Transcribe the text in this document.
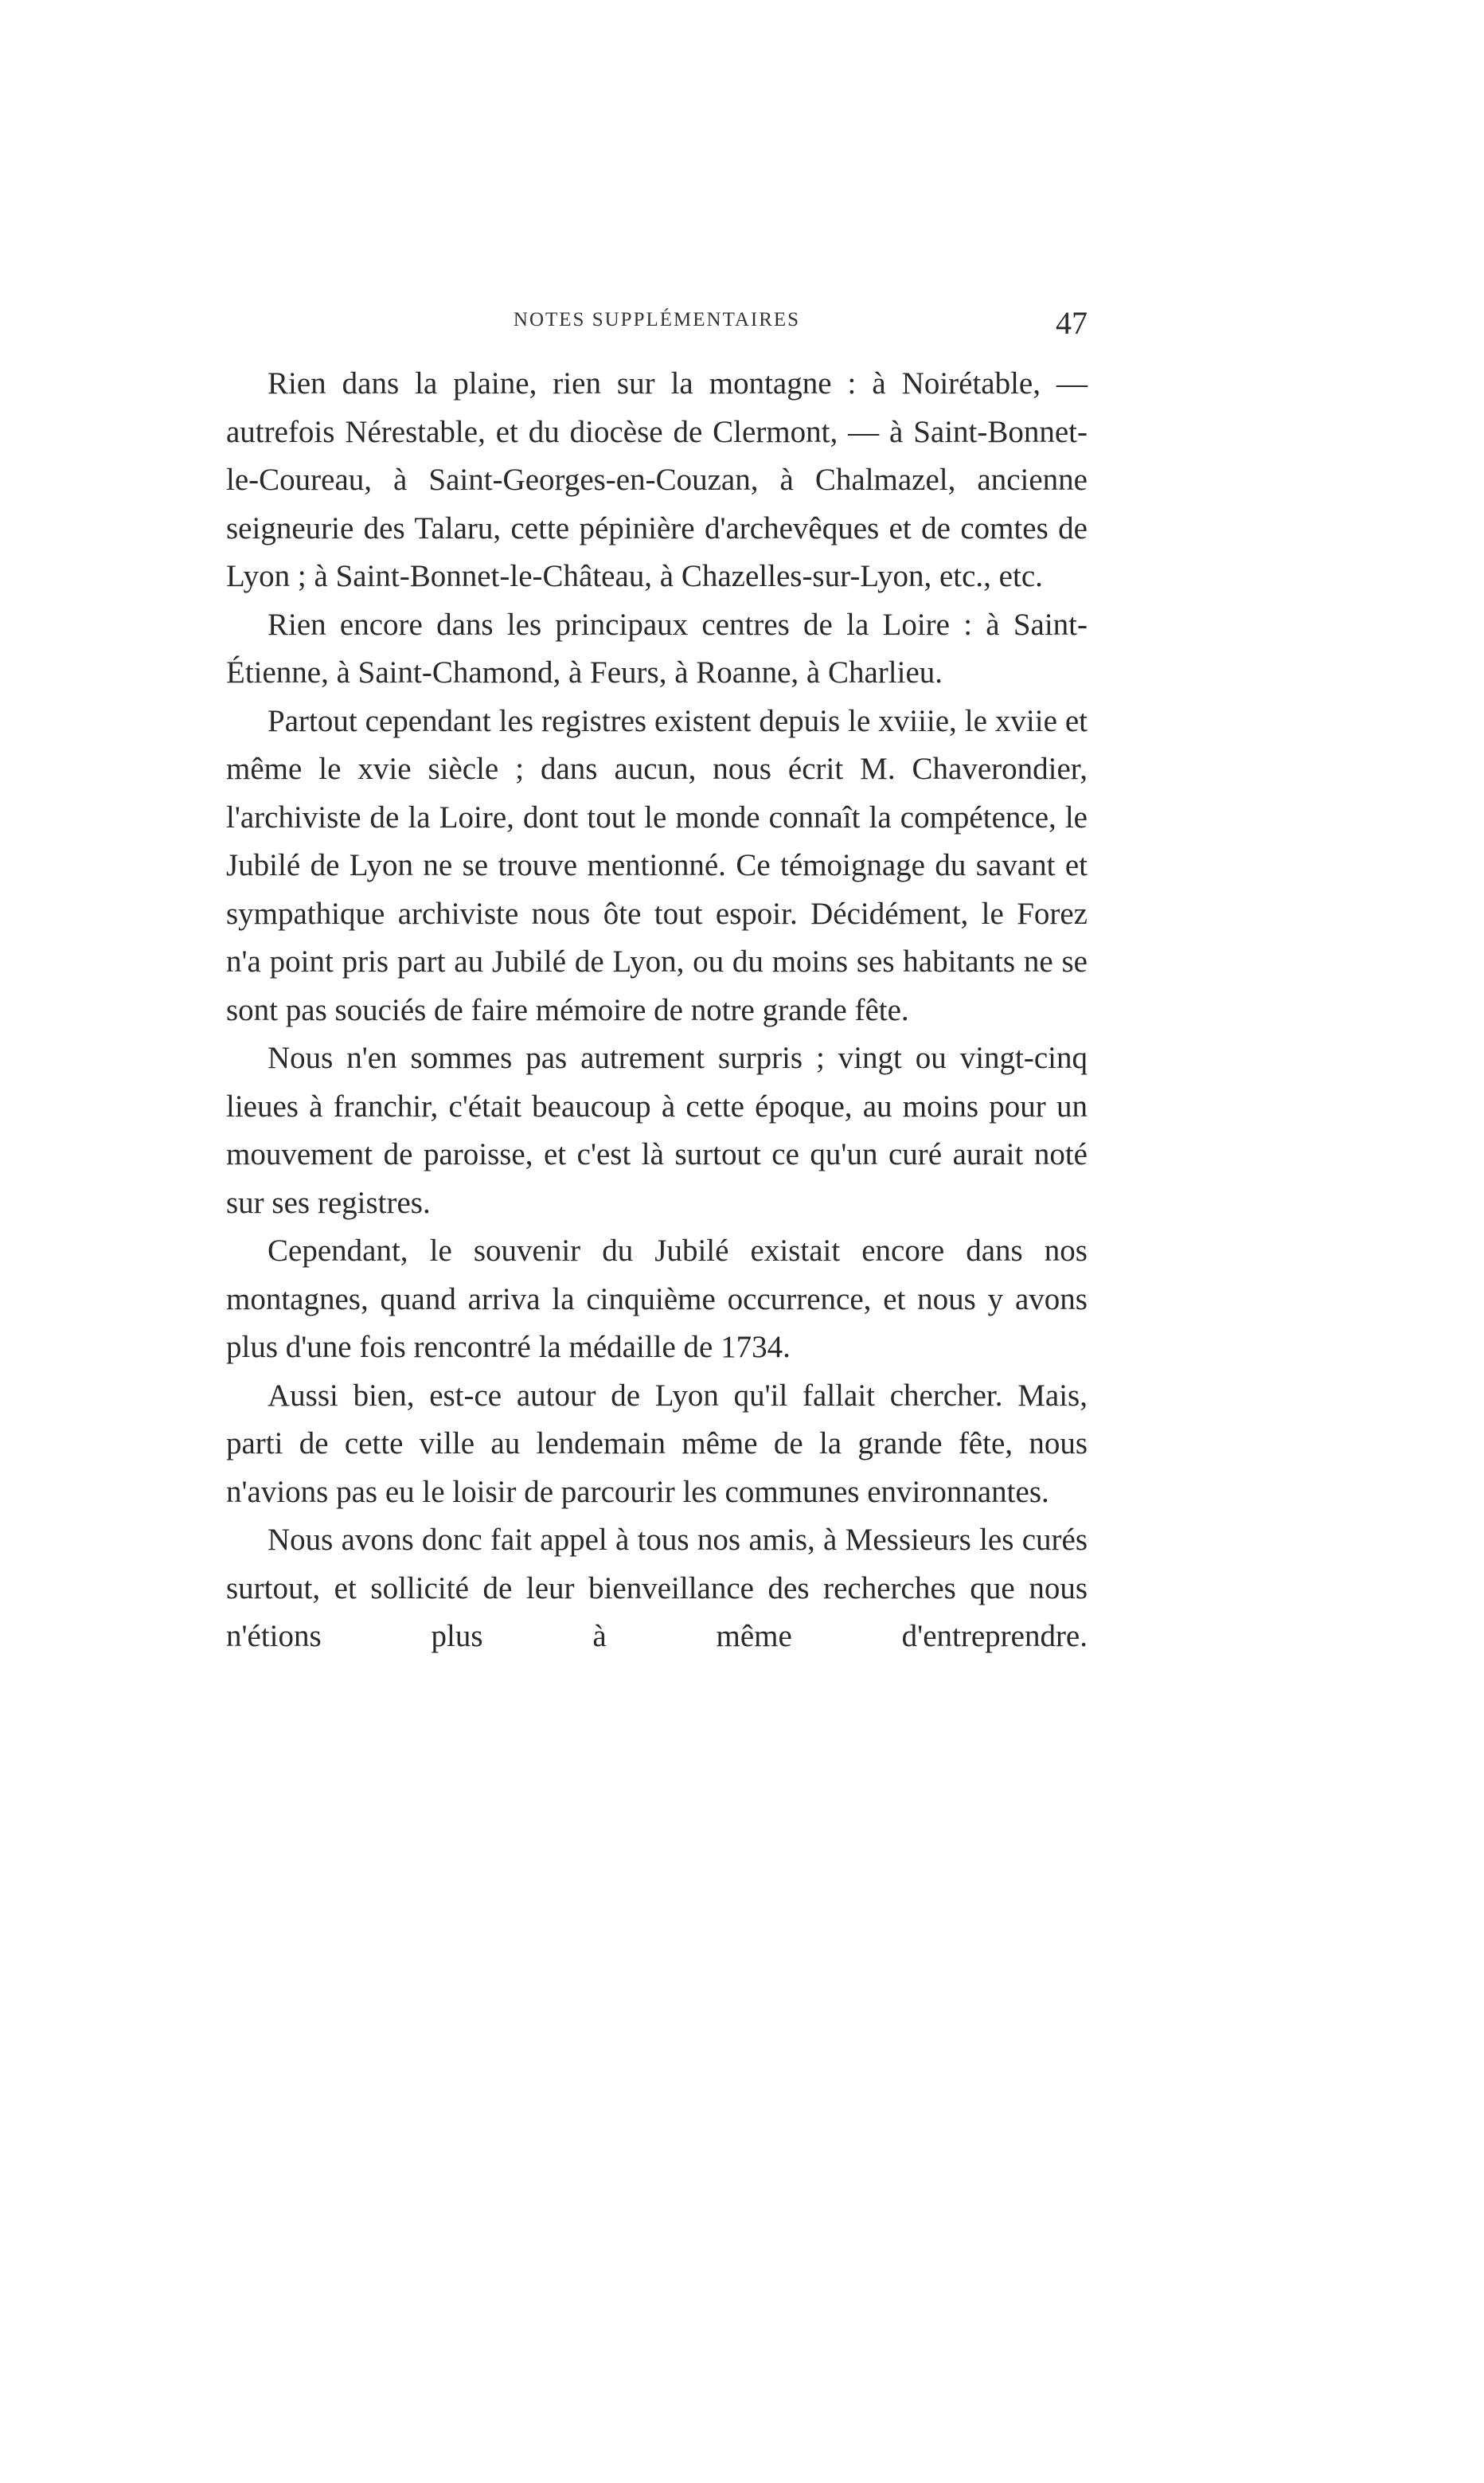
NOTES SUPPLÉMENTAIRES	47

Rien dans la plaine, rien sur la montagne : à Noirétable, — autrefois Nérestable, et du diocèse de Clermont, — à Saint-Bonnet-le-Coureau, à Saint-Georges-en-Couzan, à Chalmazel, ancienne seigneurie des Talaru, cette pépinière d'archevêques et de comtes de Lyon ; à Saint-Bonnet-le-Château, à Chazelles-sur-Lyon, etc., etc.

Rien encore dans les principaux centres de la Loire : à Saint-Étienne, à Saint-Chamond, à Feurs, à Roanne, à Charlieu.

Partout cependant les registres existent depuis le xviiie, le xviie et même le xvie siècle ; dans aucun, nous écrit M. Chaverondier, l'archiviste de la Loire, dont tout le monde connaît la compétence, le Jubilé de Lyon ne se trouve mentionné. Ce témoignage du savant et sympathique archiviste nous ôte tout espoir. Décidément, le Forez n'a point pris part au Jubilé de Lyon, ou du moins ses habitants ne se sont pas souciés de faire mémoire de notre grande fête.

Nous n'en sommes pas autrement surpris ; vingt ou vingt-cinq lieues à franchir, c'était beaucoup à cette époque, au moins pour un mouvement de paroisse, et c'est là surtout ce qu'un curé aurait noté sur ses registres.

Cependant, le souvenir du Jubilé existait encore dans nos montagnes, quand arriva la cinquième occurrence, et nous y avons plus d'une fois rencontré la médaille de 1734.

Aussi bien, est-ce autour de Lyon qu'il fallait chercher. Mais, parti de cette ville au lendemain même de la grande fête, nous n'avions pas eu le loisir de parcourir les communes environnantes.

Nous avons donc fait appel à tous nos amis, à Messieurs les curés surtout, et sollicité de leur bienveillance des recherches que nous n'étions plus à même d'entreprendre.
